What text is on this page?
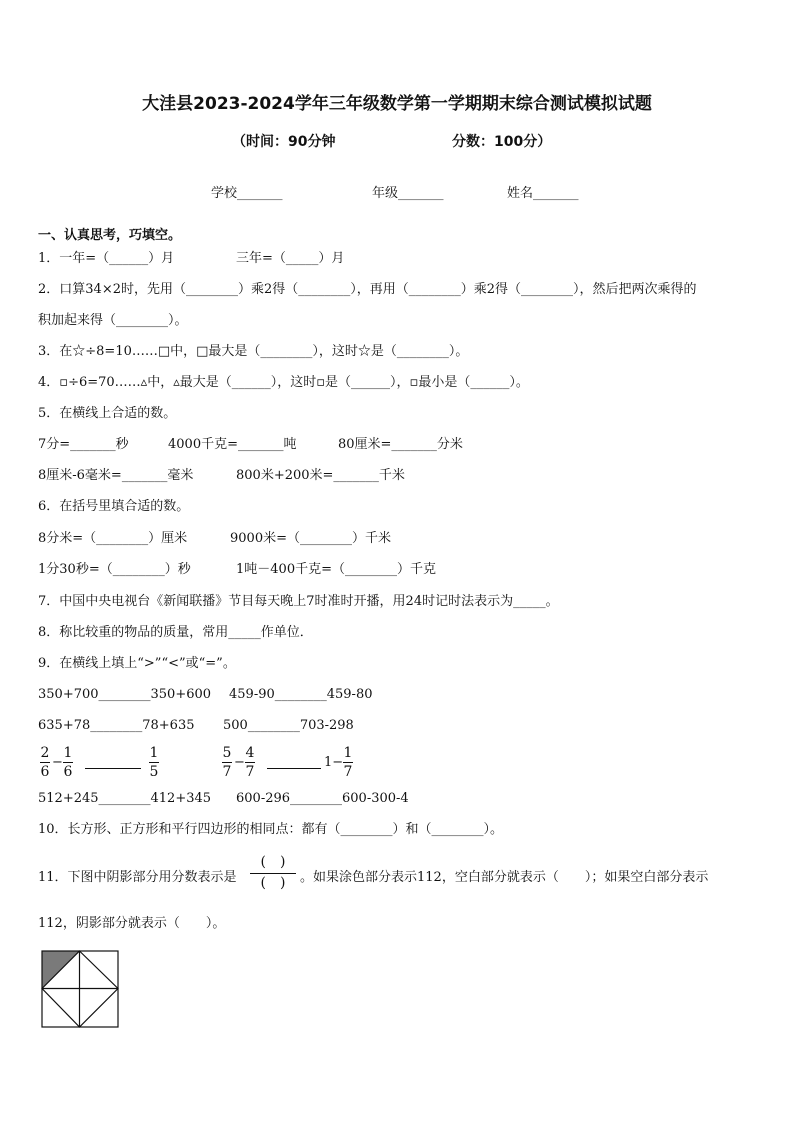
大洼县2023-2024学年三年级数学第一学期期末综合测试模拟试题
（时间：90分钟	分数：100分）
学校_______	年级_______	姓名_______
一、认真思考，巧填空。
1．一年=（______）月	三年=（_____）月
2．口算34×2时，先用（________）乘2得（________），再用（________）乘2得（________），然后把两次乘得的
积加起来得（________）。
3．在☆÷8=10……□中，□最大是（________），这时☆是（________）。
4．▫÷6=70……▵中，▵最大是（______），这时▫是（______），▫最小是（______）。
5．在横线上合适的数。
7分=_______秒	4000千克=_______吨	80厘米=_______分米
8厘米-6毫米=_______毫米	800米+200米=_______千米
6．在括号里填合适的数。
8分米=（________）厘米	9000米=（________）千米
1分30秒=（________）秒	1吨－400千克=（________）千克
7．中国中央电视台《新闻联播》节目每天晚上7时准时开播，用24时记时法表示为_____。
8．称比较重的物品的质量，常用_____作单位．
9．在横线上填上“>”“<”或“=”。
350+700________350+600 459-90________459-80
635+78________78+635 500________703-298
$\frac{2}{6} - \frac{1}{6}$	$\frac{1}{5}$	$\frac{5}{7} - \frac{4}{7}$	$1- \frac{1}{7}$
512+245________412+345 600-296________600-300-4
10．长方形、正方形和平行四边形的相同点：都有（________）和（________）。
11．下图中阴影部分用分数表示是
(　)
(　)	。如果涂色部分表示112，空白部分就表示（　　）；如果空白部分表示
112，阴影部分就表示（　　）。
